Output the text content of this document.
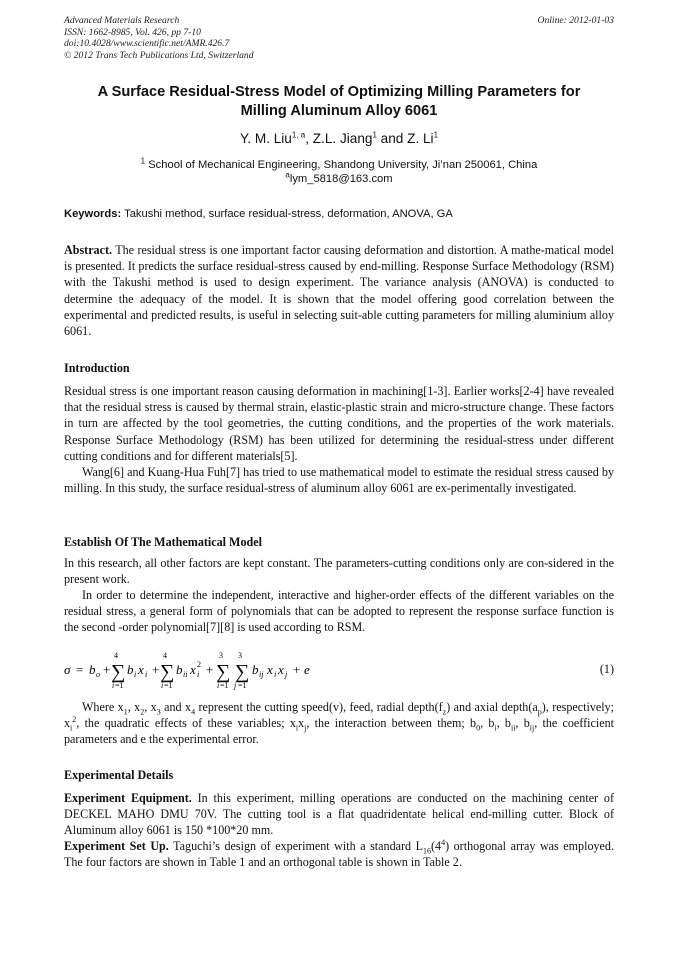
Advanced Materials Research
ISSN: 1662-8985, Vol. 426, pp 7-10
doi:10.4028/www.scientific.net/AMR.426.7
© 2012 Trans Tech Publications Ltd, Switzerland
Online: 2012-01-03
A Surface Residual-Stress Model of Optimizing Milling Parameters for
Milling Aluminum Alloy 6061
Y. M. Liu$^{1, a}$, Z.L. Jiang$^1$ and Z. Li$^1$
$^1$ School of Mechanical Engineering, Shandong University, Ji’nan 250061, China
$^a$lym_5818@163.com
Keywords: Takushi method, surface residual-stress, deformation, ANOVA, GA
Abstract. The residual stress is one important factor causing deformation and distortion. A mathe-matical model is presented. It predicts the surface residual-stress caused by end-milling. Response Surface Methodology (RSM) with the Takushi method is used to design experiment. The variance analysis (ANOVA) is conducted to determine the adequacy of the model. It is shown that the model offering good correlation between the experimental and predicted results, is useful in selecting suit-able cutting parameters for milling aluminium alloy 6061.
Introduction
Residual stress is one important reason causing deformation in machining[1-3]. Earlier works[2-4] have revealed that the residual stress is caused by thermal strain, elastic-plastic strain and micro-structure change. These factors in turn are affected by the tool geometries, the cutting conditions, and the properties of the work materials. Response Surface Methodology (RSM) has been utilized for determining the residual-stress under different cutting conditions and for different materials[5].
Wang[6] and Kuang-Hua Fuh[7] has tried to use mathematical model to estimate the residual stress caused by milling. In this study, the surface residual-stress of aluminum alloy 6061 are ex-perimentally investigated.
Establish Of The Mathematical Model
In this research, all other factors are kept constant. The parameters-cutting conditions only are con-sidered in the present work.
In order to determine the independent, interactive and higher-order effects of the different variables on the residual stress, a general form of polynomials that can be adopted to represent the response surface function is the second -order polynomial[7][8] is used according to RSM.
σ = b o +
4
∑
i =1
b i x i +
4
∑
i =1
b ii x i
2 +
3
∑
i =1
3
∑
j =1
b ij x i x j + e	(1)
Where $x_1$, $x_2$, $x_3$ and $x_4$ represent the cutting speed(v), feed, radial $depth(f_z)$ and axial $depth(a_p)$, respectively; $x_i^2$, the quadratic effects of these variables; $x_ix_j$, the interaction between them; $b_0$, $b_i$, $b_{ii}$, $b_{ij}$, the coefficient parameters and e the experimental error.
Experimental Details
Experiment Equipment. In this experiment, milling operations are conducted on the machining center of DECKEL MAHO DMU 70V. The cutting tool is a flat quadridentate helical end-milling cutter. Block of Aluminum alloy 6061 is 150 *100*20 mm.
Experiment Set Up. Taguchi’s design of experiment with a standard $L_{16}(4^4)$ orthogonal array was employed. The four factors are shown in Table 1 and an orthogonal table is shown in Table 2.
